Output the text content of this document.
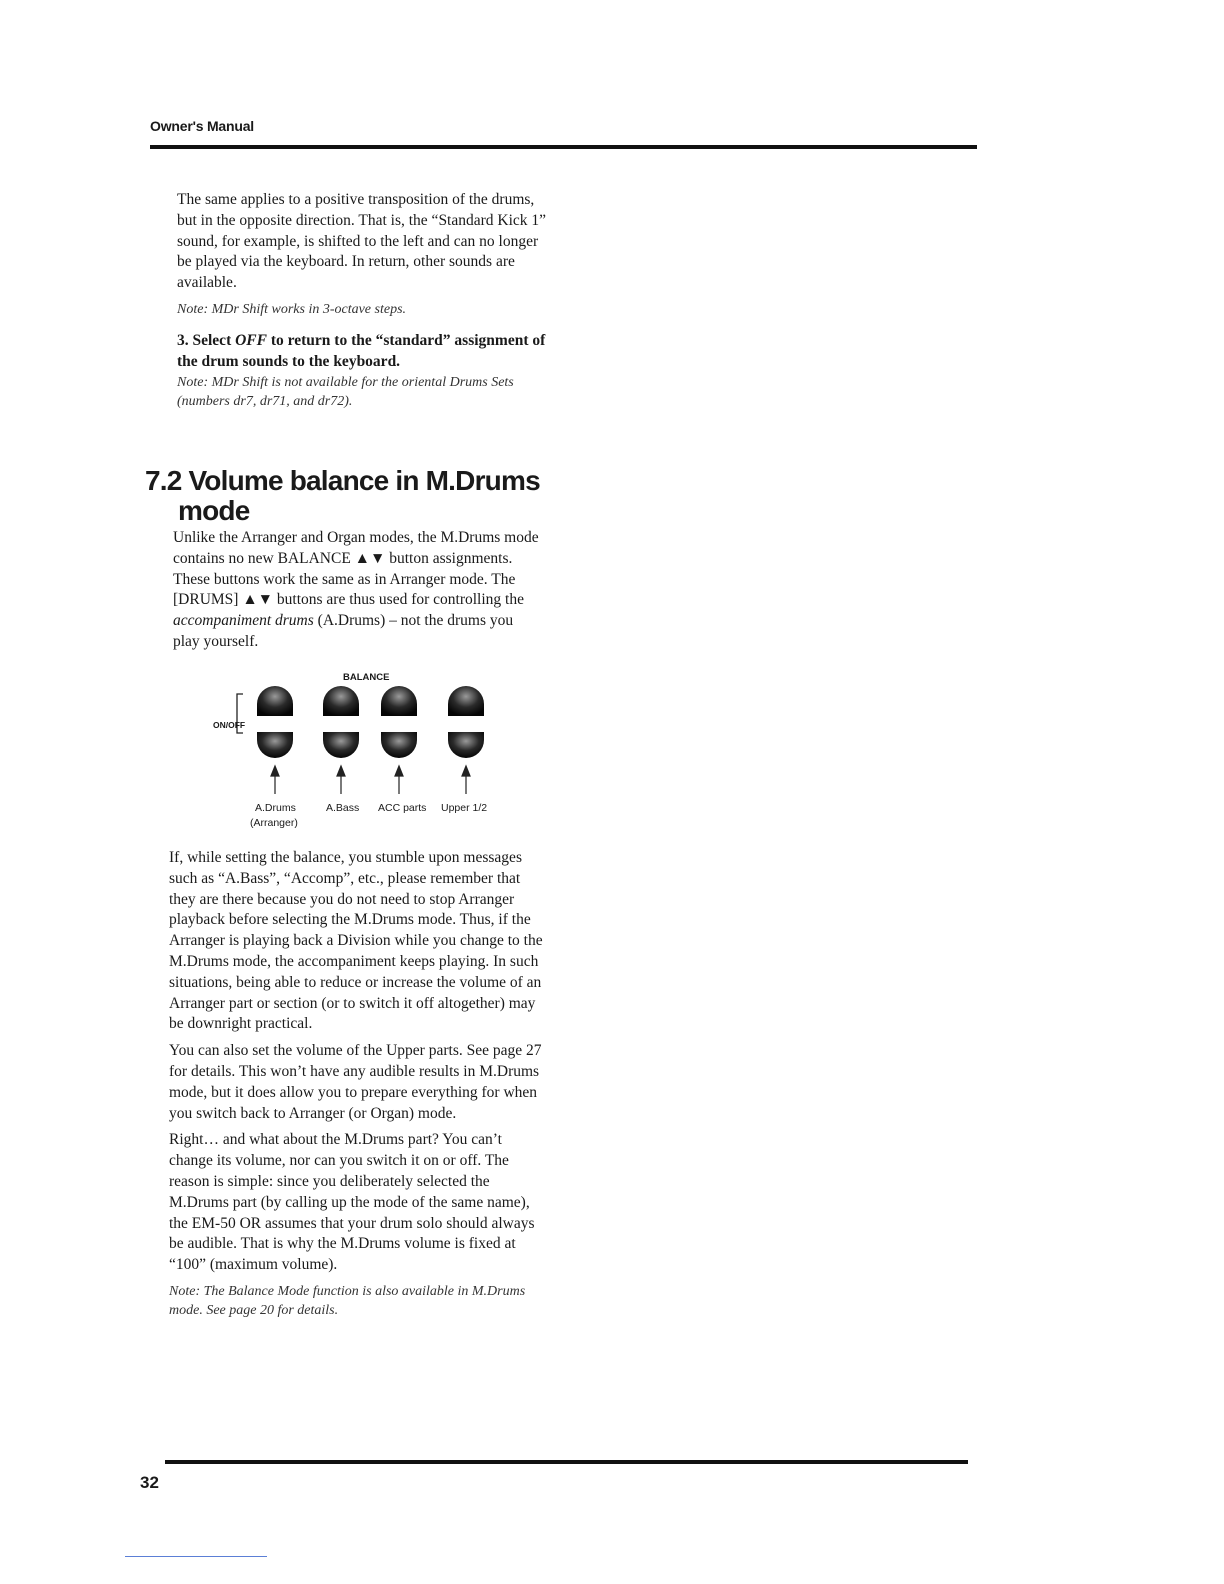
Owner's Manual

The same applies to a positive transposition of the drums, but in the opposite direction. That is, the “Standard Kick 1” sound, for example, is shifted to the left and can no longer be played via the keyboard. In return, other sounds are available.

Note: MDr Shift works in 3-octave steps.

3. Select OFF to return to the “standard” assignment of the drum sounds to the keyboard.

Note: MDr Shift is not available for the oriental Drums Sets (numbers dr7, dr71, and dr72).

7.2 Volume balance in M.Drums
mode

Unlike the Arranger and Organ modes, the M.Drums mode contains no new BALANCE ▲▼ button assignments. These buttons work the same as in Arranger mode. The [DRUMS] ▲▼ buttons are thus used for controlling the accompaniment drums (A.Drums) – not the drums you play yourself.

BALANCE
ON/OFF DRUMS	BASS ACC/LOWER	UPPER
A.Drums
(Arranger)
A.Bass ACC parts Upper 1/2

If, while setting the balance, you stumble upon messages such as “A.Bass”, “Accomp”, etc., please remember that they are there because you do not need to stop Arranger playback before selecting the M.Drums mode. Thus, if the Arranger is playing back a Division while you change to the M.Drums mode, the accompaniment keeps playing. In such situations, being able to reduce or increase the volume of an Arranger part or section (or to switch it off altogether) may be downright practical.

You can also set the volume of the Upper parts. See page 27 for details. This won’t have any audible results in M.Drums mode, but it does allow you to prepare everything for when you switch back to Arranger (or Organ) mode.

Right… and what about the M.Drums part? You can’t change its volume, nor can you switch it on or off. The reason is simple: since you deliberately selected the M.Drums part (by calling up the mode of the same name), the EM-50 OR assumes that your drum solo should always be audible. That is why the M.Drums volume is fixed at “100” (maximum volume).

Note: The Balance Mode function is also available in M.Drums mode. See page 20 for details.

32
